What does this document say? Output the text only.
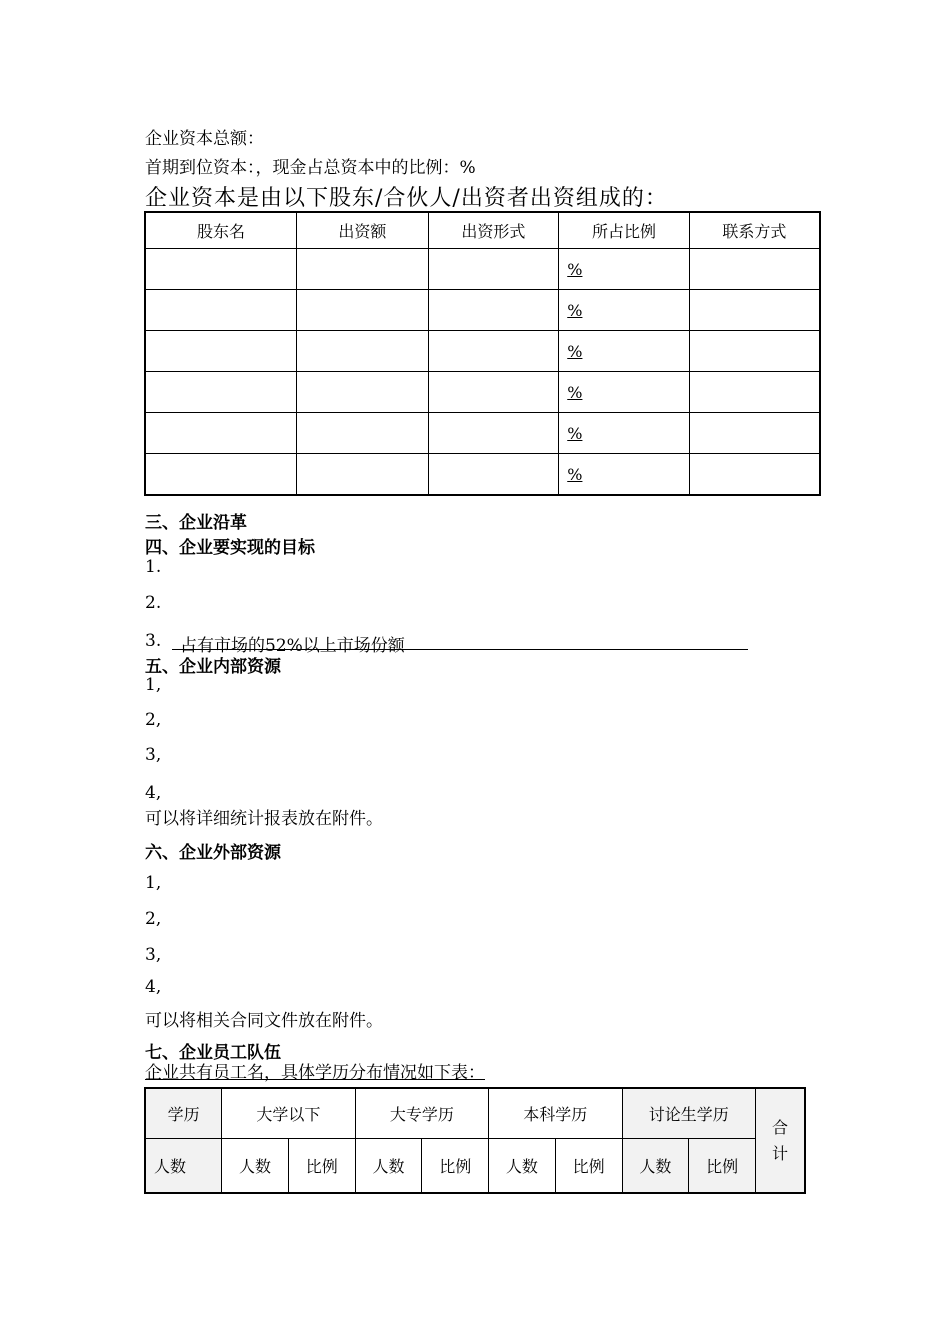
企业资本总额：
首期到位资本：，现金占总资本中的比例：%
企业资本是由以下股东/合伙人/出资者出资组成的：
股东名	出资额	出资形式	所占比例	联系方式
			%	
			%	
			%	
			%	
			%	
			%	
三、企业沿革
四、企业要实现的目标
1.
2.
3.	占有市场的52%以上市场份额
五、企业内部资源
1,
2,
3,
4,
可以将详细统计报表放在附件。
六、企业外部资源
1,
2,
3,
4,
可以将相关合同文件放在附件。
七、企业员工队伍
企业共有员工名，具体学历分布情况如下表：
学历	大学以下		大专学历		本科学历		讨论生学历		合计
人数	人数	比例	人数	比例	人数	比例	人数	比例	
